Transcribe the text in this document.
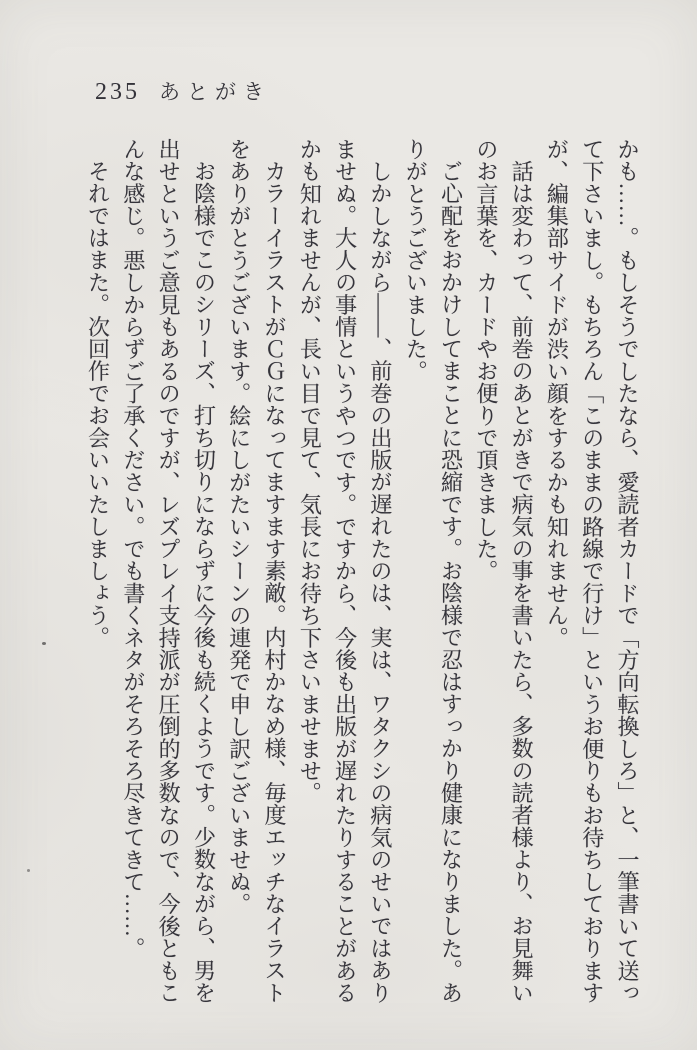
235 あとがき

かも……。もしそうでしたなら、愛読者カードで「方向転換しろ」と、一筆書いて送って下さいまし。もちろん「このままの路線で行け」というお便りもお待ちしておりますが、編集部サイドが渋い顔をするかも知れません。

話は変わって、前巻のあとがきで病気の事を書いたら、多数の読者様より、お見舞いのお言葉を、カードやお便りで頂きました。

ご心配をおかけしてまことに恐縮です。お陰様で忍はすっかり健康になりました。ありがとうございました。

しかしながら――、前巻の出版が遅れたのは、実は、ワタクシの病気のせいではありませぬ。大人の事情というやつです。ですから、今後も出版が遅れたりすることがあるかも知れませんが、長い目で見て、気長にお待ち下さいませませ。

カラーイラストがＣＧになってますます素敵。内村かなめ様、毎度エッチなイラストをありがとうございます。絵にしがたいシーンの連発で申し訳ございませぬ。

お陰様でこのシリーズ、打ち切りにならずに今後も続くようです。少数ながら、男を出せというご意見もあるのですが、レズプレイ支持派が圧倒的多数なので、今後ともこんな感じ。悪しからずご了承ください。でも書くネタがそろそろ尽きてきて……。

それではまた。次回作でお会いいたしましょう。
